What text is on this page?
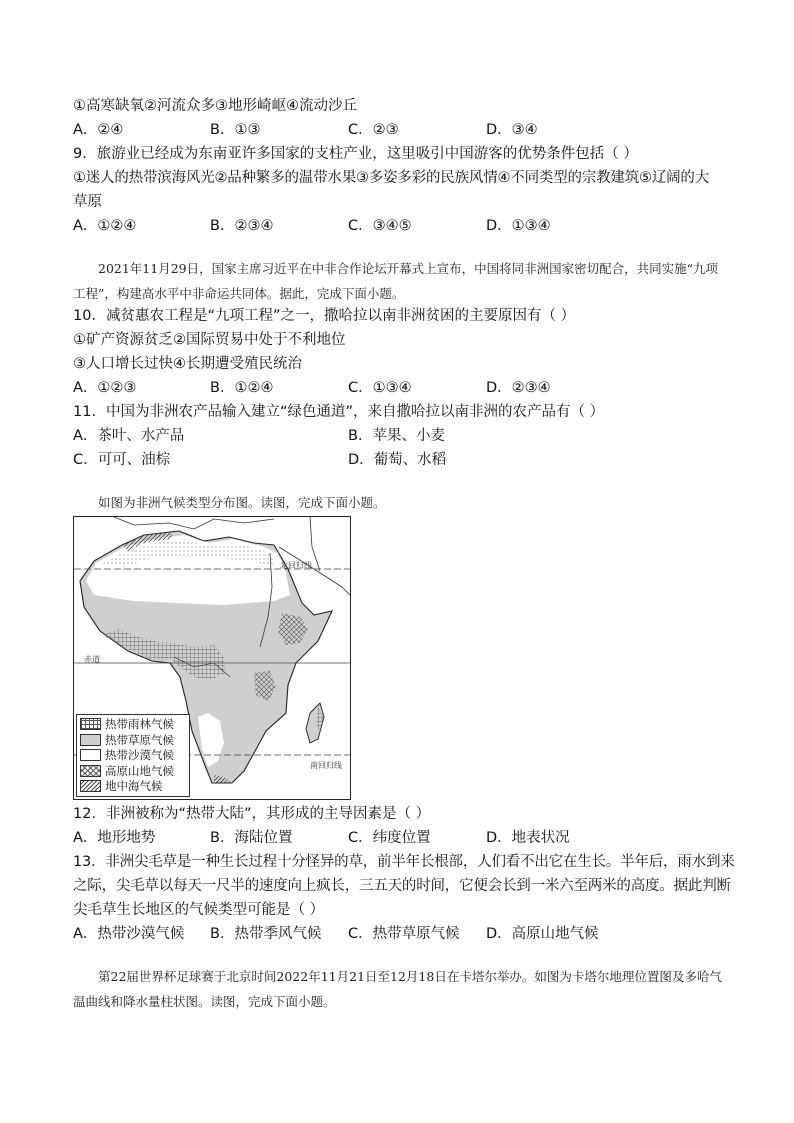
①高寒缺氧②河流众多③地形崎岖④流动沙丘
A．②④	B．①③	C．②③	D．③④
9．旅游业已经成为东南亚许多国家的支柱产业，这里吸引中国游客的优势条件包括（ ）
①迷人的热带滨海风光②品种繁多的温带水果③多姿多彩的民族风情④不同类型的宗教建筑⑤辽阔的大
草原
A．①②④	B．②③④	C．③④⑤	D．①③④
2021年11月29日，国家主席习近平在中非合作论坛开幕式上宣布，中国将同非洲国家密切配合，共同实施“九项工程”，构建高水平中非命运共同体。据此，完成下面小题。
10．减贫惠农工程是“九项工程”之一，撒哈拉以南非洲贫困的主要原因有（ ）
①矿产资源贫乏②国际贸易中处于不利地位
③人口增长过快④长期遭受殖民统治
A．①②③	B．①②④	C．①③④	D．②③④
11．中国为非洲农产品输入建立“绿色通道”，来自撒哈拉以南非洲的农产品有（ ）
A．茶叶、水产品	B．苹果、小麦
C．可可、油棕	D．葡萄、水稻
如图为非洲气候类型分布图。读图，完成下面小题。
北回归线
赤道
南回归线
热带雨林气候
热带草原气候
热带沙漠气候
高原山地气候
地中海气候
12．非洲被称为“热带大陆”，其形成的主导因素是（ ）
A．地形地势	B．海陆位置	C．纬度位置	D．地表状况
13．非洲尖毛草是一种生长过程十分怪异的草，前半年长根部，人们看不出它在生长。半年后，雨水到来
之际，尖毛草以每天一尺半的速度向上疯长，三五天的时间，它便会长到一米六至两米的高度。据此判断
尖毛草生长地区的气候类型可能是（ ）
A．热带沙漠气候 B．热带季风气候 C．热带草原气候 D．高原山地气候
第22届世界杯足球赛于北京时间2022年11月21日至12月18日在卡塔尔举办。如图为卡塔尔地理位置图及多哈气温曲线和降水量柱状图。读图，完成下面小题。
